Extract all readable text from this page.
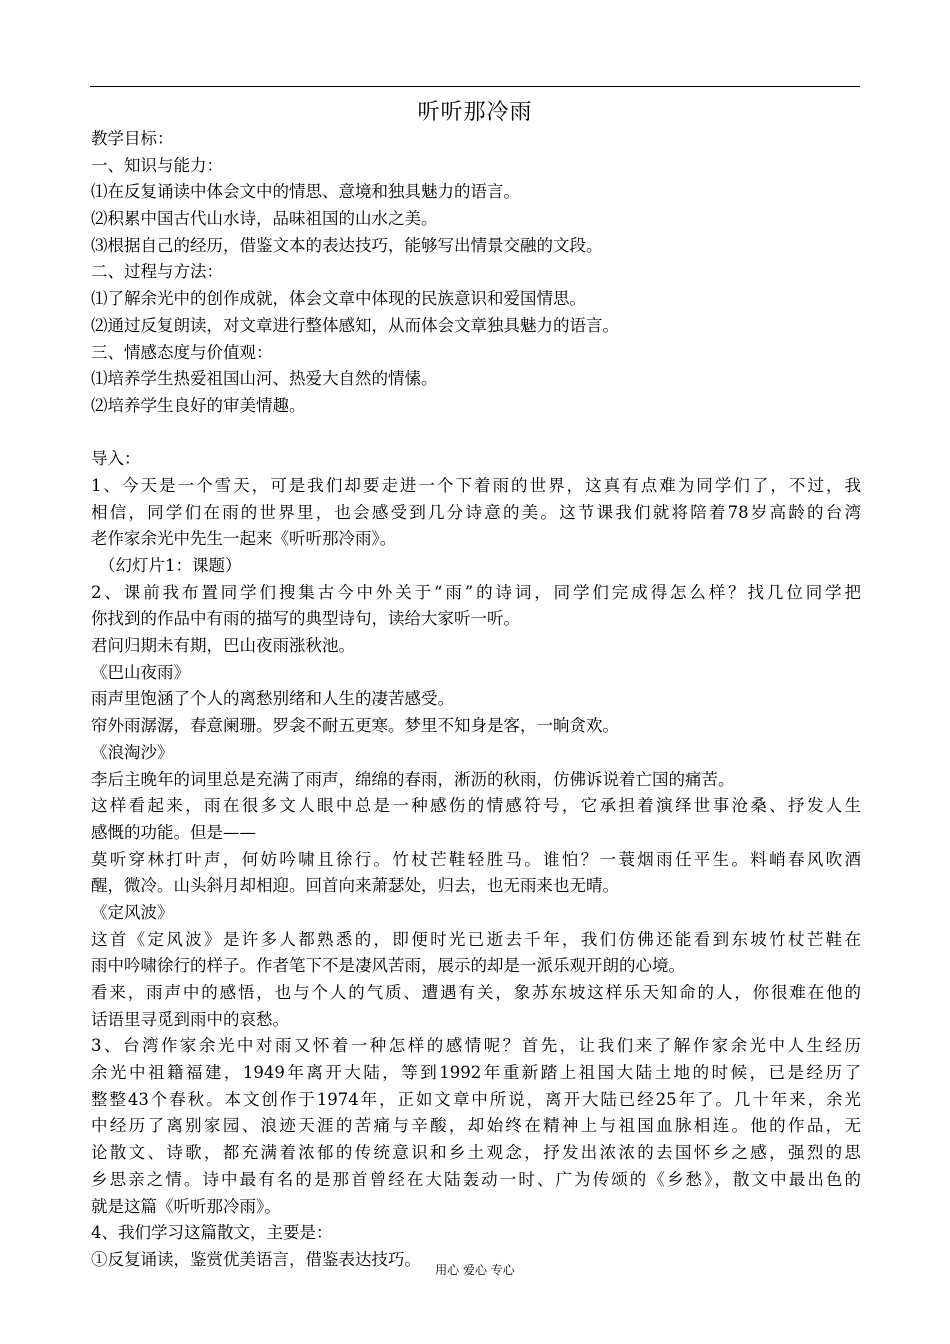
听听那冷雨
教学目标：
一、知识与能力：
⑴在反复诵读中体会文中的情思、意境和独具魅力的语言。
⑵积累中国古代山水诗，品味祖国的山水之美。
⑶根据自己的经历，借鉴文本的表达技巧，能够写出情景交融的文段。
二、过程与方法：
⑴了解余光中的创作成就，体会文章中体现的民族意识和爱国情思。
⑵通过反复朗读，对文章进行整体感知，从而体会文章独具魅力的语言。
三、情感态度与价值观：
⑴培养学生热爱祖国山河、热爱大自然的情愫。
⑵培养学生良好的审美情趣。
导入：
1、今天是一个雪天，可是我们却要走进一个下着雨的世界，这真有点难为同学们了，不过，我
相信，同学们在雨的世界里，也会感受到几分诗意的美。这节课我们就将陪着78岁高龄的台湾
老作家余光中先生一起来《听听那冷雨》。
（幻灯片1：课题）
2、课前我布置同学们搜集古今中外关于“雨”的诗词，同学们完成得怎么样？找几位同学把
你找到的作品中有雨的描写的典型诗句，读给大家听一听。
君问归期未有期，巴山夜雨涨秋池。
《巴山夜雨》
雨声里饱涵了个人的离愁别绪和人生的凄苦感受。
帘外雨潺潺，春意阑珊。罗衾不耐五更寒。梦里不知身是客，一晌贪欢。
《浪淘沙》
李后主晚年的词里总是充满了雨声，绵绵的春雨，淅沥的秋雨，仿佛诉说着亡国的痛苦。
这样看起来，雨在很多文人眼中总是一种感伤的情感符号，它承担着演绎世事沧桑、抒发人生
感慨的功能。但是——
莫听穿林打叶声，何妨吟啸且徐行。竹杖芒鞋轻胜马。谁怕？一蓑烟雨任平生。料峭春风吹酒
醒，微冷。山头斜月却相迎。回首向来萧瑟处，归去，也无雨来也无晴。
《定风波》
这首《定风波》是许多人都熟悉的，即便时光已逝去千年，我们仿佛还能看到东坡竹杖芒鞋在
雨中吟啸徐行的样子。作者笔下不是凄风苦雨，展示的却是一派乐观开朗的心境。
看来，雨声中的感悟，也与个人的气质、遭遇有关，象苏东坡这样乐天知命的人，你很难在他的
话语里寻觅到雨中的哀愁。
3、台湾作家余光中对雨又怀着一种怎样的感情呢？首先，让我们来了解作家余光中人生经历
余光中祖籍福建，1949年离开大陆，等到1992年重新踏上祖国大陆土地的时候，已是经历了
整整43个春秋。本文创作于1974年，正如文章中所说，离开大陆已经25年了。几十年来，余光
中经历了离别家园、浪迹天涯的苦痛与辛酸，却始终在精神上与祖国血脉相连。他的作品，无
论散文、诗歌，都充满着浓郁的传统意识和乡土观念，抒发出浓浓的去国怀乡之感，强烈的思
乡思亲之情。诗中最有名的是那首曾经在大陆轰动一时、广为传颂的《乡愁》，散文中最出色的
就是这篇《听听那冷雨》。
4、我们学习这篇散文，主要是：
①反复诵读，鉴赏优美语言，借鉴表达技巧。
用心 爱心 专心
